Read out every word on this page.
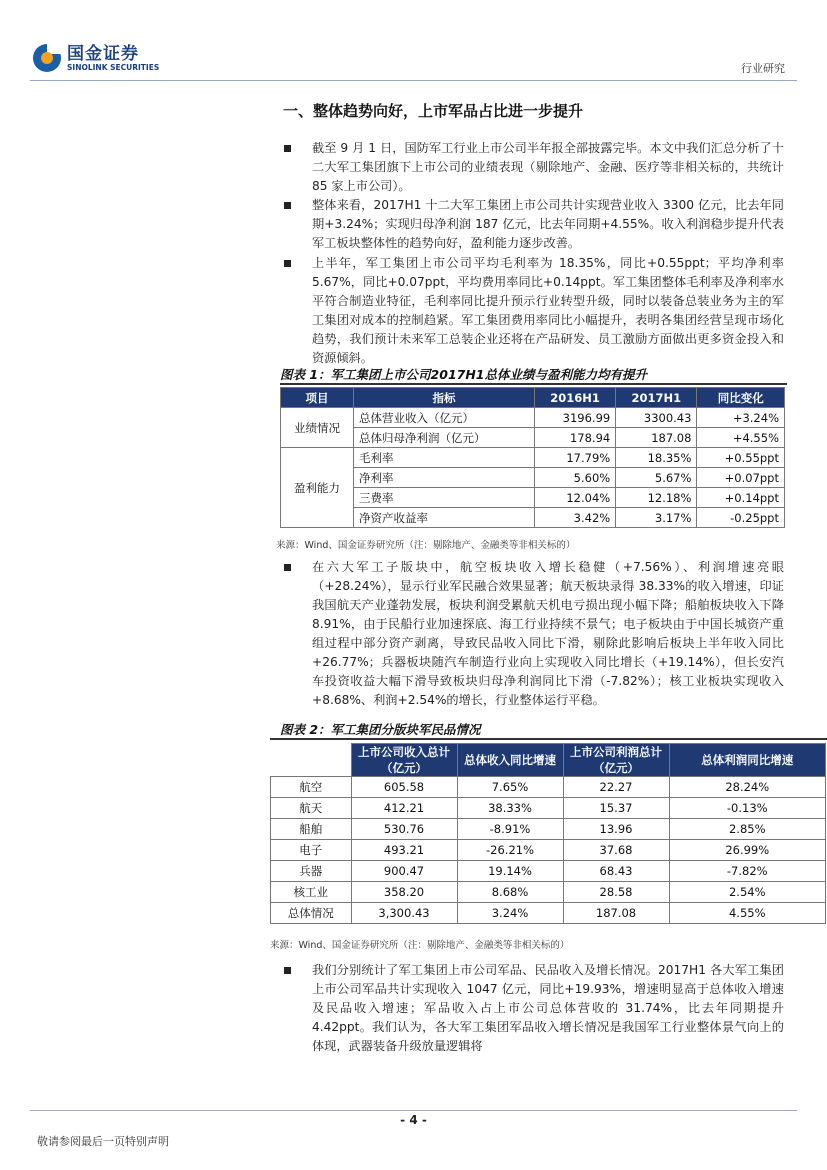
国金证券
SINOLINK SECURITIES	行业研究
一、整体趋势向好，上市军品占比进一步提升
截至 9 月 1 日，国防军工行业上市公司半年报全部披露完毕。本文中我们汇总分析了十二大军工集团旗下上市公司的业绩表现（剔除地产、金融、医疗等非相关标的，共统计 85 家上市公司）。
整体来看，2017H1 十二大军工集团上市公司共计实现营业收入 3300 亿元，比去年同期+3.24%；实现归母净利润 187 亿元，比去年同期+4.55%。收入利润稳步提升代表军工板块整体性的趋势向好，盈利能力逐步改善。
上半年，军工集团上市公司平均毛利率为 18.35%，同比+0.55ppt；平均净利率 5.67%，同比+0.07ppt，平均费用率同比+0.14ppt。军工集团整体毛利率及净利率水平符合制造业特征，毛利率同比提升预示行业转型升级，同时以装备总装业务为主的军工集团对成本的控制趋紧。军工集团费用率同比小幅提升，表明各集团经营呈现市场化趋势，我们预计未来军工总装企业还将在产品研发、员工激励方面做出更多资金投入和资源倾斜。
图表 1：军工集团上市公司2017H1总体业绩与盈利能力均有提升
项目	指标	2016H1	2017H1	同比变化
业绩情况	总体营业收入（亿元）	3196.99	3300.43	+3.24%
	总体归母净利润（亿元）	178.94	187.08	+4.55%
盈利能力	毛利率	17.79%	18.35%	+0.55ppt
	净利率	5.60%	5.67%	+0.07ppt
	三费率	12.04%	12.18%	+0.14ppt
	净资产收益率	3.42%	3.17%	-0.25ppt
来源：Wind、国金证券研究所（注：剔除地产、金融类等非相关标的）
在六大军工子版块中，航空板块收入增长稳健（+7.56%）、利润增速亮眼（+28.24%），显示行业军民融合效果显著；航天板块录得 38.33%的收入增速，印证我国航天产业蓬勃发展，板块利润受累航天机电亏损出现小幅下降；船舶板块收入下降 8.91%，由于民船行业加速探底、海工行业持续不景气；电子板块由于中国长城资产重组过程中部分资产剥离，导致民品收入同比下滑，剔除此影响后板块上半年收入同比+26.77%；兵器板块随汽车制造行业向上实现收入同比增长（+19.14%），但长安汽车投资收益大幅下滑导致板块归母净利润同比下滑（-7.82%）；核工业板块实现收入+8.68%、利润+2.54%的增长，行业整体运行平稳。
图表 2：军工集团分版块军民品情况
	上市公司收入总计（亿元）	总体收入同比增速	上市公司利润总计（亿元）	总体利润同比增速
航空	605.58	7.65%	22.27	28.24%
航天	412.21	38.33%	15.37	-0.13%
船舶	530.76	-8.91%	13.96	2.85%
电子	493.21	-26.21%	37.68	26.99%
兵器	900.47	19.14%	68.43	-7.82%
核工业	358.20	8.68%	28.58	2.54%
总体情况	3,300.43	3.24%	187.08	4.55%
来源：Wind、国金证券研究所（注：剔除地产、金融类等非相关标的）
我们分别统计了军工集团上市公司军品、民品收入及增长情况。2017H1 各大军工集团上市公司军品共计实现收入 1047 亿元，同比+19.93%，增速明显高于总体收入增速及民品收入增速；军品收入占上市公司总体营收的 31.74%，比去年同期提升 4.42ppt。我们认为，各大军工集团军品收入增长情况是我国军工行业整体景气向上的体现，武器装备升级放量逻辑将
- 4 -
敬请参阅最后一页特别声明
